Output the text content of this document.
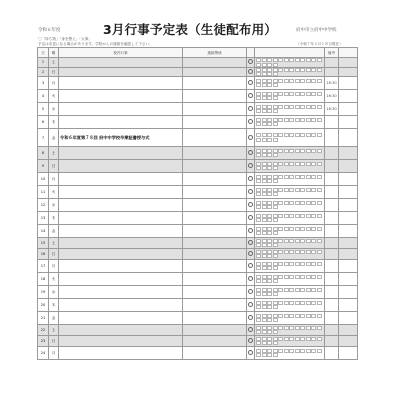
令和６年度	3月行事予定表（生徒配布用）	府中市立府中中学校
〇「持ち物」「身を整え」「大事」
予定は変更になる場合があります。学校からの連絡を確認して下さい。	（令和７年２月１８日現在）
日	曜	校内行事	連絡関係			備考	
1	土				

2	日				

3	月					16:30	
4	火					16:30	
5	水					16:30	
6	木				

7	金	令和６年度第７８回 府中中学校卒業証書授与式			

8	土				

9	日				

10	月				

11	火				

12	水				

13	木				

14	金				

15	土				

16	日				

17	月				

18	火				

19	水				

20	木				

21	金				

22	土				

23	日				

24	月				
